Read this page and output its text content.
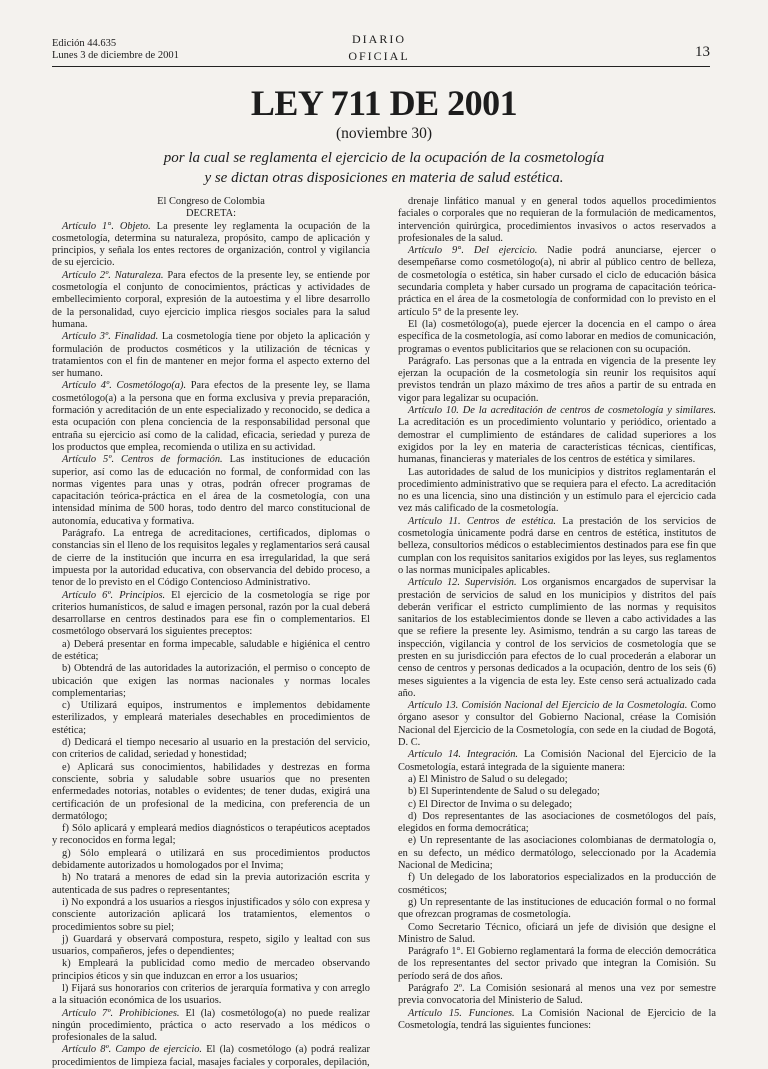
Edición 44.635
Lunes 3 de diciembre de 2001
DIARIO
OFICIAL	13
LEY 711 DE 2001
(noviembre 30)
por la cual se reglamenta el ejercicio de la ocupación de la cosmetología
y se dictan otras disposiciones en materia de salud estética.

El Congreso de Colombia

DECRETA:

Artículo 1°. Objeto. La presente ley reglamenta la ocupación de la cosmetología, determina su naturaleza, propósito, campo de aplicación y principios, y señala los entes rectores de organización, control y vigilancia de su ejercicio.

Artículo 2º. Naturaleza. Para efectos de la presente ley, se entiende por cosmetología el conjunto de conocimientos, prácticas y actividades de embellecimiento corporal, expresión de la autoestima y el libre desarrollo de la personalidad, cuyo ejercicio implica riesgos sociales para la salud humana.

Artículo 3º. Finalidad. La cosmetología tiene por objeto la aplicación y formulación de productos cosméticos y la utilización de técnicas y tratamientos con el fin de mantener en mejor forma el aspecto externo del ser humano.

Artículo 4º. Cosmetólogo(a). Para efectos de la presente ley, se llama cosmetólogo(a) a la persona que en forma exclusiva y previa preparación, formación y acreditación de un ente especializado y reconocido, se dedica a esta ocupación con plena conciencia de la responsabilidad personal que entraña su ejercicio así como de la calidad, eficacia, seriedad y pureza de los productos que emplea, recomienda o utiliza en su actividad.

Artículo 5º. Centros de formación. Las instituciones de educación superior, así como las de educación no formal, de conformidad con las normas vigentes para unas y otras, podrán ofrecer programas de capacitación teórica-práctica en el área de la cosmetología, con una intensidad mínima de 500 horas, todo dentro del marco constitucional de autonomía, educativa y formativa.

Parágrafo. La entrega de acreditaciones, certificados, diplomas o constancias sin el lleno de los requisitos legales y reglamentarios será causal de cierre de la institución que incurra en esa irregularidad, la que será impuesta por la autoridad educativa, con observancia del debido proceso, a tenor de lo previsto en el Código Contencioso Administrativo.

Artículo 6º. Principios. El ejercicio de la cosmetología se rige por criterios humanísticos, de salud e imagen personal, razón por la cual deberá desarrollarse en centros destinados para ese fin o complementarios. El cosmetólogo observará los siguientes preceptos:

a) Deberá presentar en forma impecable, saludable e higiénica el centro de estética;

b) Obtendrá de las autoridades la autorización, el permiso o concepto de ubicación que exigen las normas nacionales y normas locales complementarias;

c) Utilizará equipos, instrumentos e implementos debidamente esterilizados, y empleará materiales desechables en procedimientos de estética;

d) Dedicará el tiempo necesario al usuario en la prestación del servicio, con criterios de calidad, seriedad y honestidad;

e) Aplicará sus conocimientos, habilidades y destrezas en forma consciente, sobria y saludable sobre usuarios que no presenten enfermedades notorias, notables o evidentes; de tener dudas, exigirá una certificación de un profesional de la medicina, con preferencia de un dermatólogo;

f) Sólo aplicará y empleará medios diagnósticos o terapéuticos aceptados y reconocidos en forma legal;

g) Sólo empleará o utilizará en sus procedimientos productos debidamente autorizados u homologados por el Invima;

h) No tratará a menores de edad sin la previa autorización escrita y autenticada de sus padres o representantes;

i) No expondrá a los usuarios a riesgos injustificados y sólo con expresa y consciente autorización aplicará los tratamientos, elementos o procedimientos sobre su piel;

j) Guardará y observará compostura, respeto, sigilo y lealtad con sus usuarios, compañeros, jefes o dependientes;

k) Empleará la publicidad como medio de mercadeo observando principios éticos y sin que induzcan en error a los usuarios;

l) Fijará sus honorarios con criterios de jerarquía formativa y con arreglo a la situación económica de los usuarios.

Artículo 7º. Prohibiciones. El (la) cosmetólogo(a) no puede realizar ningún procedimiento, práctica o acto reservado a los médicos o profesionales de la salud.

Artículo 8º. Campo de ejercicio. El (la) cosmetólogo (a) podrá realizar procedimientos de limpieza facial, masajes faciales y corporales, depilación,

drenaje linfático manual y en general todos aquellos procedimientos faciales o corporales que no requieran de la formulación de medicamentos, intervención quirúrgica, procedimientos invasivos o actos reservados a profesionales de la salud.

Artículo 9°. Del ejercicio. Nadie podrá anunciarse, ejercer o desempeñarse como cosmetólogo(a), ni abrir al público centro de belleza, de cosmetología o estética, sin haber cursado el ciclo de educación básica secundaria completa y haber cursado un programa de capacitación teórica-práctica en el área de la cosmetología de conformidad con lo previsto en el artículo 5° de la presente ley.

El (la) cosmetólogo(a), puede ejercer la docencia en el campo o área específica de la cosmetología, así como laborar en medios de comunicación, programas o eventos publicitarios que se relacionen con su ocupación.

Parágrafo. Las personas que a la entrada en vigencia de la presente ley ejerzan la ocupación de la cosmetología sin reunir los requisitos aquí previstos tendrán un plazo máximo de tres años a partir de su entrada en vigor para legalizar su ocupación.

Artículo 10. De la acreditación de centros de cosmetología y similares. La acreditación es un procedimiento voluntario y periódico, orientado a demostrar el cumplimiento de estándares de calidad superiores a los exigidos por la ley en materia de características técnicas, científicas, humanas, financieras y materiales de los centros de estética y similares.

Las autoridades de salud de los municipios y distritos reglamentarán el procedimiento administrativo que se requiera para el efecto. La acreditación no es una licencia, sino una distinción y un estímulo para el ejercicio cada vez más calificado de la cosmetología.

Artículo 11. Centros de estética. La prestación de los servicios de cosmetología únicamente podrá darse en centros de estética, institutos de belleza, consultorios médicos o establecimientos destinados para ese fin que cumplan con los requisitos sanitarios exigidos por las leyes, sus reglamentos o las normas municipales aplicables.

Artículo 12. Supervisión. Los organismos encargados de supervisar la prestación de servicios de salud en los municipios y distritos del país deberán verificar el estricto cumplimiento de las normas y requisitos sanitarios de los establecimientos donde se lleven a cabo actividades a las que se refiere la presente ley. Asimismo, tendrán a su cargo las tareas de inspección, vigilancia y control de los servicios de cosmetología que se presten en su jurisdicción para efectos de lo cual procederán a elaborar un censo de centros y personas dedicados a la ocupación, dentro de los seis (6) meses siguientes a la vigencia de esta ley. Este censo será actualizado cada año.

Artículo 13. Comisión Nacional del Ejercicio de la Cosmetología. Como órgano asesor y consultor del Gobierno Nacional, créase la Comisión Nacional del Ejercicio de la Cosmetología, con sede en la ciudad de Bogotá, D. C.

Artículo 14. Integración. La Comisión Nacional del Ejercicio de la Cosmetología, estará integrada de la siguiente manera:

a) El Ministro de Salud o su delegado;

b) El Superintendente de Salud o su delegado;

c) El Director de Invima o su delegado;

d) Dos representantes de las asociaciones de cosmetólogos del país, elegidos en forma democrática;

e) Un representante de las asociaciones colombianas de dermatología o, en su defecto, un médico dermatólogo, seleccionado por la Academia Nacional de Medicina;

f) Un delegado de los laboratorios especializados en la producción de cosméticos;

g) Un representante de las instituciones de educación formal o no formal que ofrezcan programas de cosmetología.

Como Secretario Técnico, oficiará un jefe de división que designe el Ministro de Salud.

Parágrafo 1°. El Gobierno reglamentará la forma de elección democrática de los representantes del sector privado que integran la Comisión. Su período será de dos años.

Parágrafo 2º. La Comisión sesionará al menos una vez por semestre previa convocatoria del Ministerio de Salud.

Artículo 15. Funciones. La Comisión Nacional de Ejercicio de la Cosmetología, tendrá las siguientes funciones:
